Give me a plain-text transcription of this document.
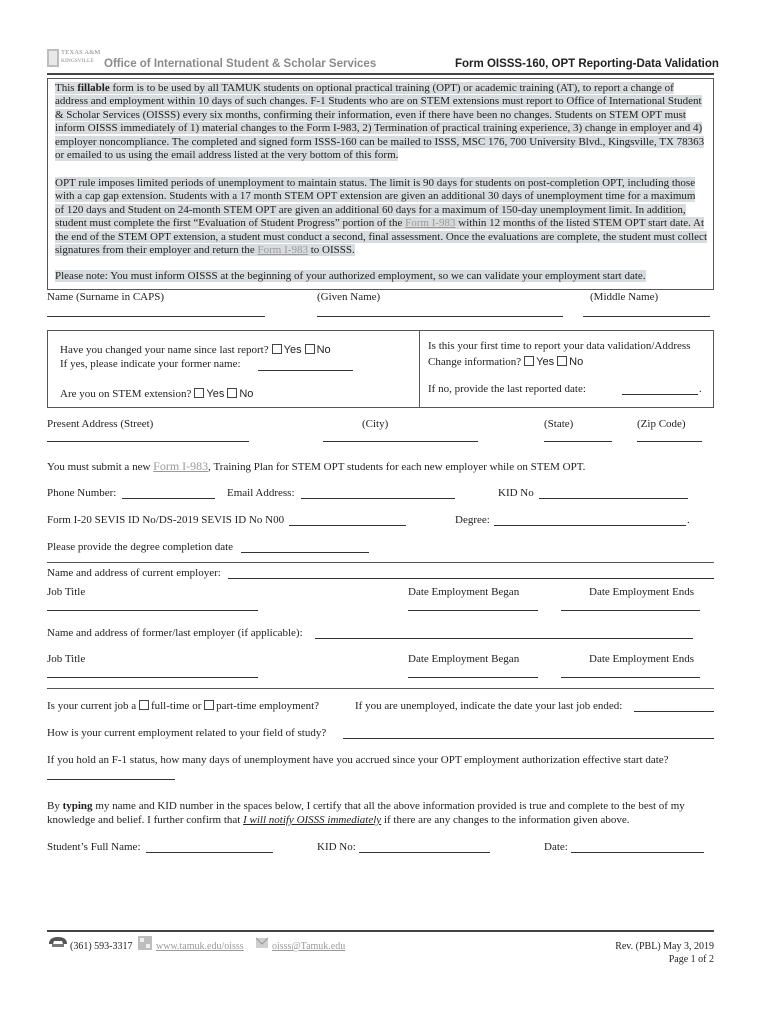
TEXAS A&M
KINGSVILLE Office of International Student & Scholar Services	Form OISSS-160, OPT Reporting-Data Validation
This fillable form is to be used by all TAMUK students on optional practical training (OPT) or academic training (AT), to report a change of address and employment within 10 days of such changes. F-1 Students who are on STEM extensions must report to Office of International Student & Scholar Services (OISSS) every six months, confirming their information, even if there have been no changes. Students on STEM OPT must inform OISSS immediately of 1) material changes to the Form I-983, 2) Termination of practical training experience, 3) change in employer and 4) employer noncompliance. The completed and signed form ISSS-160 can be mailed to ISSS, MSC 176, 700 University Blvd., Kingsville, TX 78363 or emailed to us using the email address listed at the very bottom of this form.
OPT rule imposes limited periods of unemployment to maintain status. The limit is 90 days for students on post-completion OPT, including those with a cap gap extension. Students with a 17 month STEM OPT extension are given an additional 30 days of unemployment time for a maximum of 120 days and Student on 24-month STEM OPT are given an additional 60 days for a maximum of 150-day unemployment limit. In addition, student must complete the first “Evaluation of Student Progress” portion of the Form I-983 within 12 months of the listed STEM OPT start date. At the end of the STEM OPT extension, a student must conduct a second, final assessment. Once the evaluations are complete, the student must collect signatures from their employer and return the Form I-983 to OISSS.
Please note: You must inform OISSS at the beginning of your authorized employment, so we can validate your employment start date.
Name (Surname in CAPS)	(Given Name)	(Middle Name)
Have you changed your name since last report? Yes No
If yes, please indicate your former name:
Are you on STEM extension? Yes No
Is this your first time to report your data validation/Address
Change information? Yes No
If no, provide the last reported date:	.
Present Address (Street)	(City)	(State)	(Zip Code)
You must submit a new Form I-983, Training Plan for STEM OPT students for each new employer while on STEM OPT.
Phone Number:	Email Address:	KID No
Form I-20 SEVIS ID No/DS-2019 SEVIS ID No N00	Degree:	.
Please provide the degree completion date
Name and address of current employer:
Job Title	Date Employment Began	Date Employment Ends
Name and address of former/last employer (if applicable):
Job Title	Date Employment Began	Date Employment Ends
Is your current job a full-time or part-time employment?	If you are unemployed, indicate the date your last job ended:
How is your current employment related to your field of study?
If you hold an F-1 status, how many days of unemployment have you accrued since your OPT employment authorization effective start date?
By typing my name and KID number in the spaces below, I certify that all the above information provided is true and complete to the best of my knowledge and belief. I further confirm that I will notify OISSS immediately if there are any changes to the information given above.
Student’s Full Name:	KID No:	Date:
(361) 593-3317 www.tamuk.edu/oisss	oisss@Tamuk.edu	Rev. (PBL) May 3, 2019
Page 1 of 2
